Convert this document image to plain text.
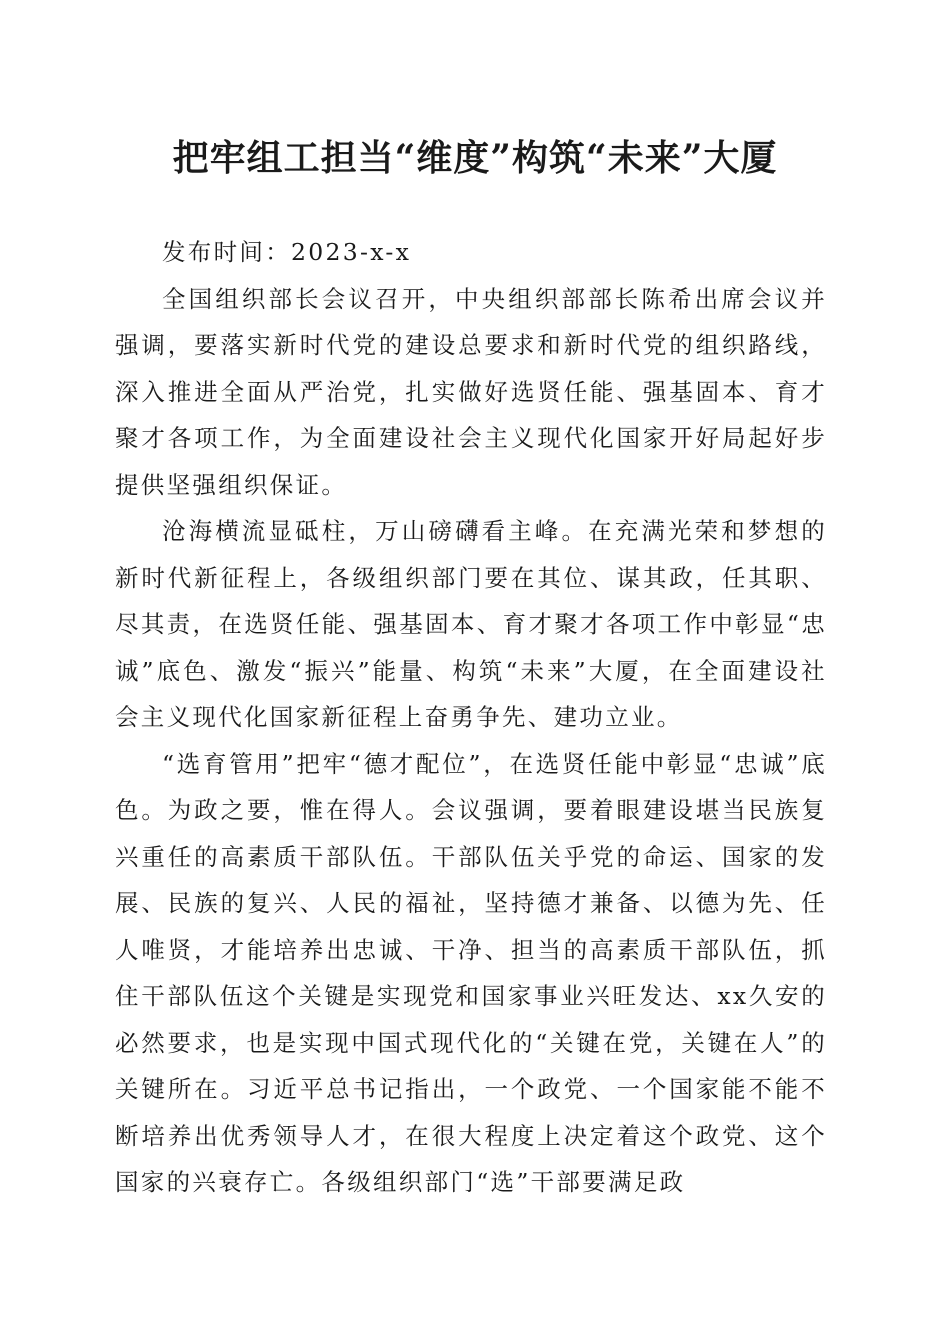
把牢组工担当“维度”构筑“未来”大厦

发布时间：2023-x-x

全国组织部长会议召开，中央组织部部长陈希出席会议并强调，要落实新时代党的建设总要求和新时代党的组织路线，深入推进全面从严治党，扎实做好选贤任能、强基固本、育才聚才各项工作，为全面建设社会主义现代化国家开好局起好步提供坚强组织保证。

沧海横流显砥柱，万山磅礴看主峰。在充满光荣和梦想的新时代新征程上，各级组织部门要在其位、谋其政，任其职、尽其责，在选贤任能、强基固本、育才聚才各项工作中彰显“忠诚”底色、激发“振兴”能量、构筑“未来”大厦，在全面建设社会主义现代化国家新征程上奋勇争先、建功立业。

“选育管用”把牢“德才配位”，在选贤任能中彰显“忠诚”底色。为政之要，惟在得人。会议强调，要着眼建设堪当民族复兴重任的高素质干部队伍。干部队伍关乎党的命运、国家的发展、民族的复兴、人民的福祉，坚持德才兼备、以德为先、任人唯贤，才能培养出忠诚、干净、担当的高素质干部队伍，抓住干部队伍这个关键是实现党和国家事业兴旺发达、xx久安的必然要求，也是实现中国式现代化的“关键在党，关键在人”的关键所在。习近平总书记指出，一个政党、一个国家能不能不断培养出优秀领导人才，在很大程度上决定着这个政党、这个国家的兴衰存亡。各级组织部门“选”干部要满足政
